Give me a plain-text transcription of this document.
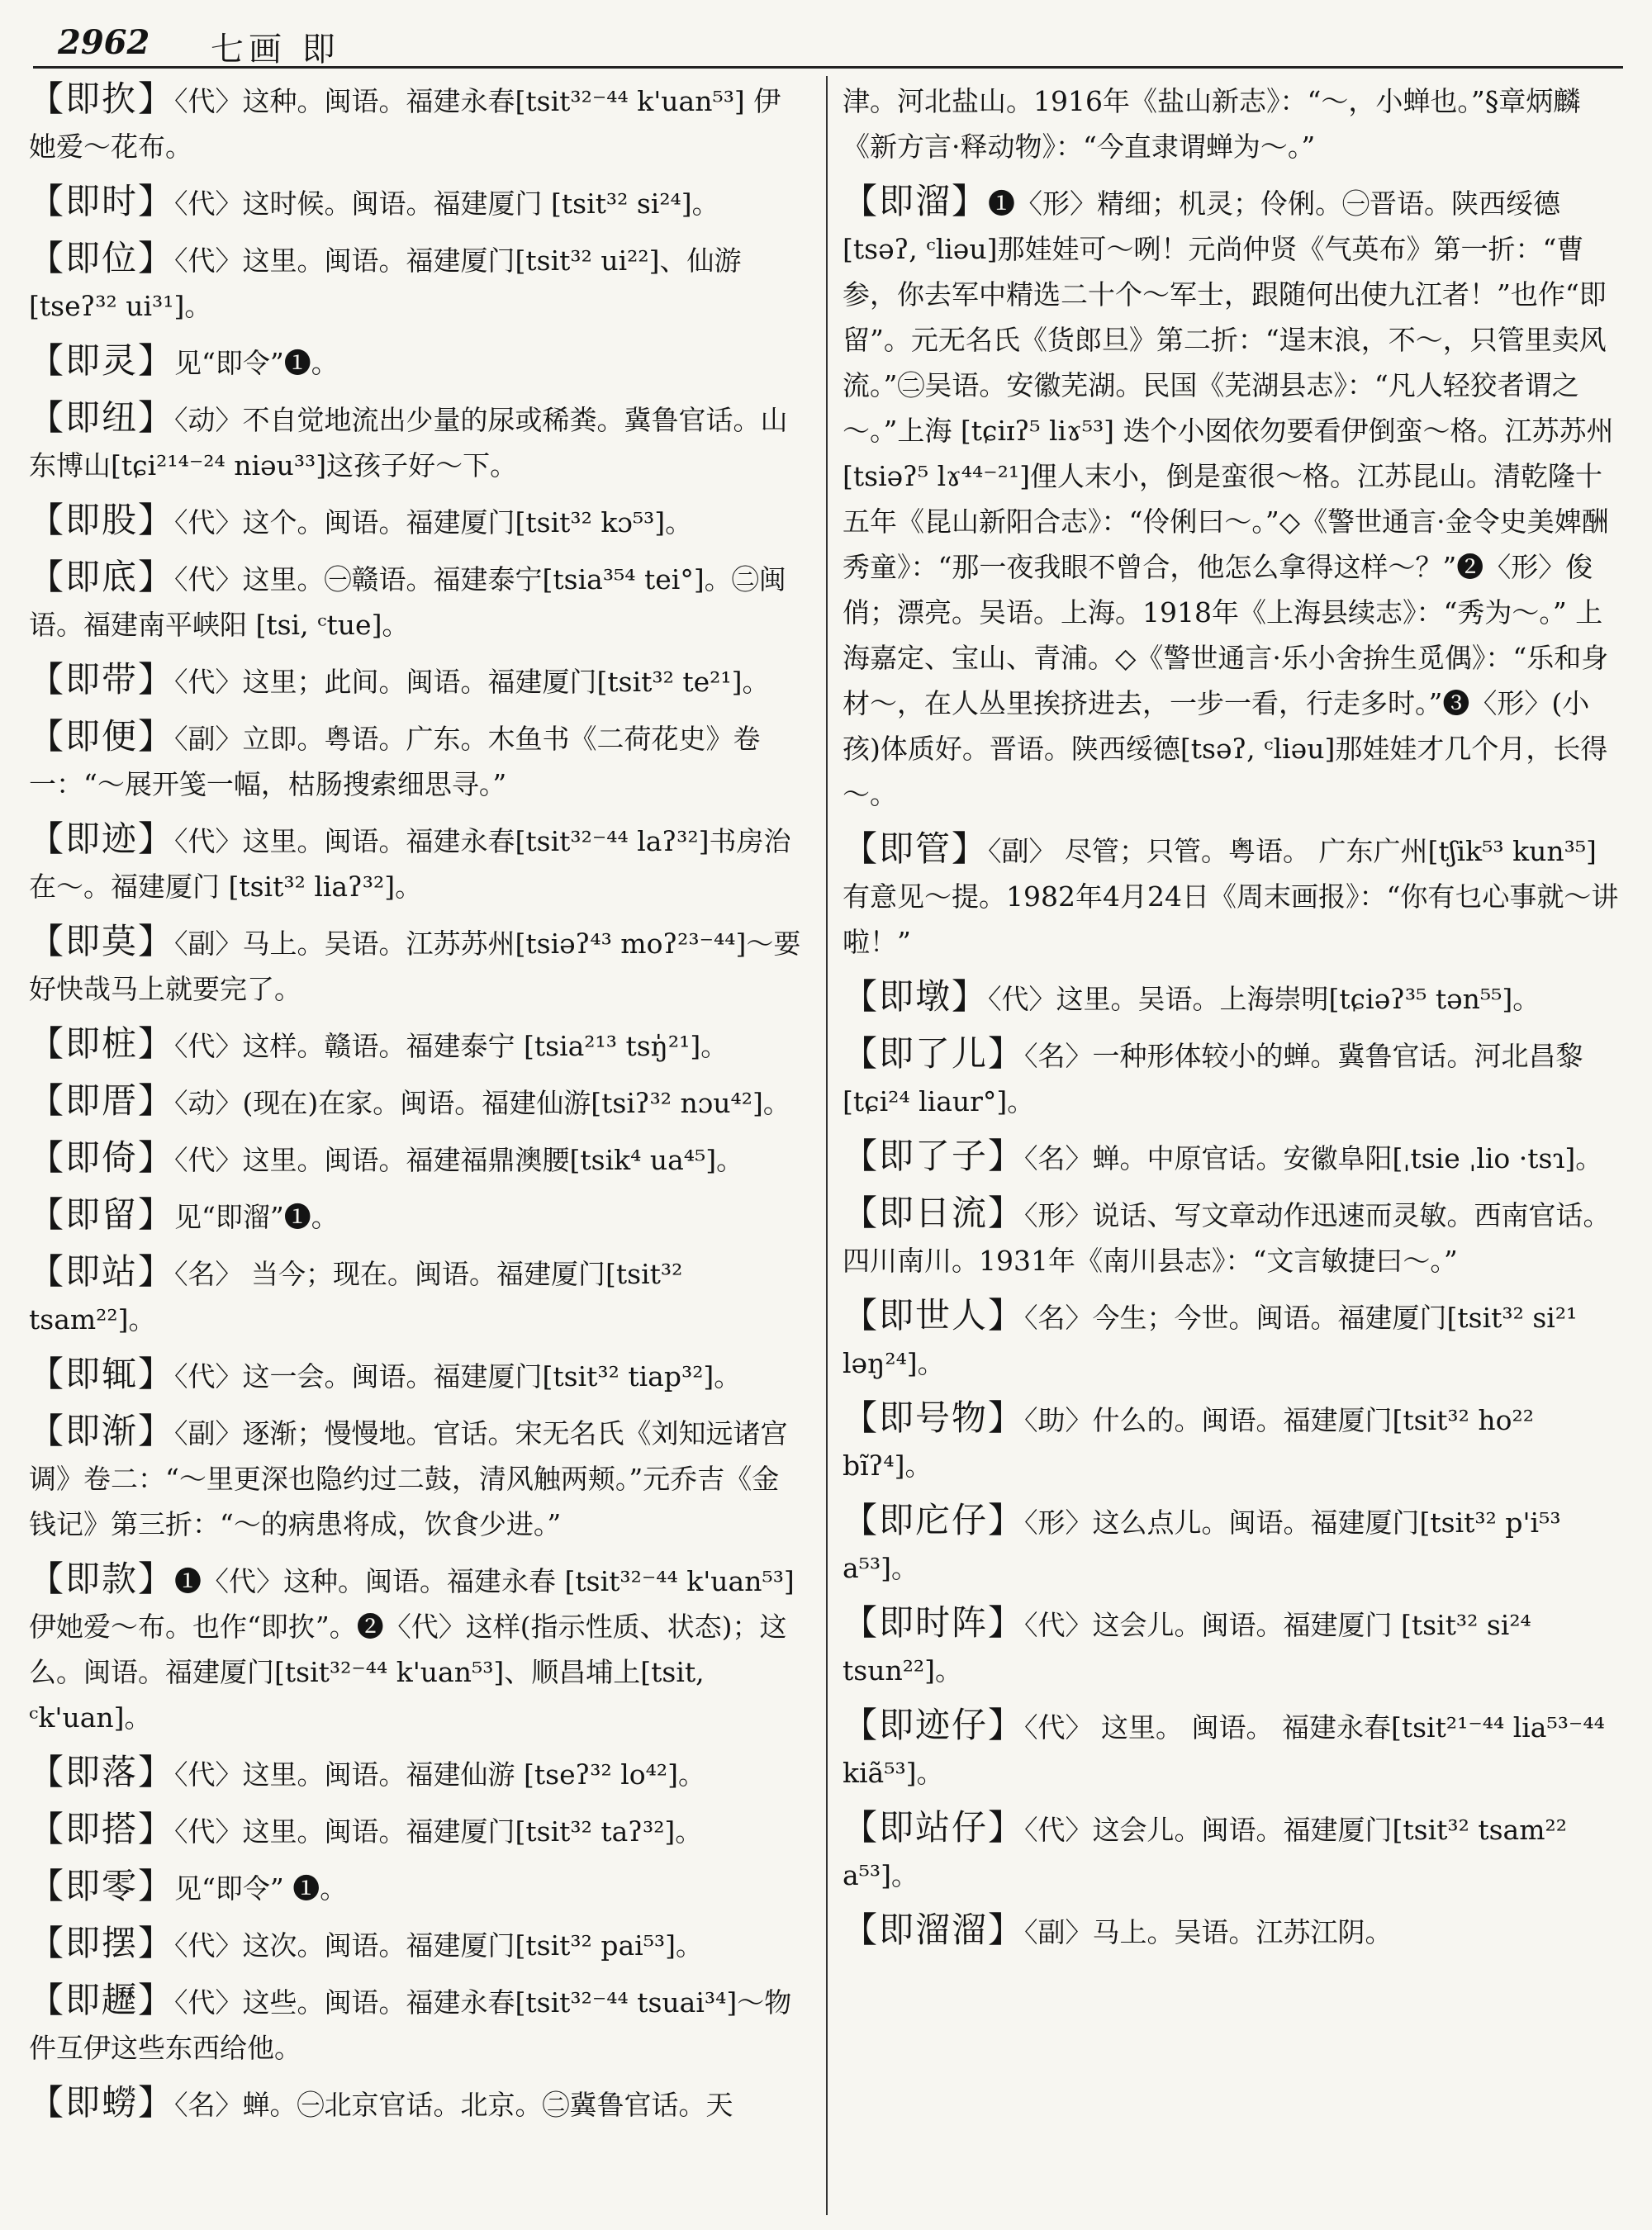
2962 七画 即

【即扻】〈代〉这种。闽语。福建永春[tsit³²⁻⁴⁴ k'uan⁵³] 伊她爱～花布。

【即时】〈代〉这时候。闽语。福建厦门 [tsit³² si²⁴]。

【即位】〈代〉这里。闽语。福建厦门[tsit³² ui²²]、仙游[tseʔ³² ui³¹]。

【即灵】见“即令”❶。

【即纽】〈动〉不自觉地流出少量的尿或稀粪。冀鲁官话。山东博山[tɕi²¹⁴⁻²⁴ niəu³³]这孩子好～下。

【即股】〈代〉这个。闽语。福建厦门[tsit³² kɔ⁵³]。

【即底】〈代〉这里。㊀赣语。福建泰宁[tsia³⁵⁴ tei°]。㊁闽语。福建南平峡阳 [tsi, ᶜtue]。

【即带】〈代〉这里；此间。闽语。福建厦门[tsit³² te²¹]。

【即便】〈副〉立即。粤语。广东。木鱼书《二荷花史》卷一：“～展开笺一幅，枯肠搜索细思寻。”

【即迹】〈代〉这里。闽语。福建永春[tsit³²⁻⁴⁴ laʔ³²]书房治在～。福建厦门 [tsit³² liaʔ³²]。

【即莫】〈副〉马上。吴语。江苏苏州[tsiəʔ⁴³ moʔ²³⁻⁴⁴]～要好快哉马上就要完了。

【即桩】〈代〉这样。赣语。福建泰宁 [tsia²¹³ tsŋ̍²¹]。

【即厝】〈动〉(现在)在家。闽语。福建仙游[tsiʔ³² nɔu⁴²]。

【即倚】〈代〉这里。闽语。福建福鼎澳腰[tsik⁴ ua⁴⁵]。

【即留】见“即溜”❶。

【即站】〈名〉 当今；现在。闽语。福建厦门[tsit³² tsam²²]。

【即辄】〈代〉这一会。闽语。福建厦门[tsit³² tiap³²]。

【即渐】〈副〉逐渐；慢慢地。官话。宋无名氏《刘知远诸宫调》卷二：“～里更深也隐约过二鼓，清风触两颊。”元乔吉《金钱记》第三折：“～的病患将成，饮食少进。”

【即款】❶〈代〉这种。闽语。福建永春 [tsit³²⁻⁴⁴ k'uan⁵³]伊她爱～布。也作“即扻”。❷〈代〉这样(指示性质、状态)；这么。闽语。福建厦门[tsit³²⁻⁴⁴ k'uan⁵³]、顺昌埔上[tsit, ᶜk'uan]。

【即落】〈代〉这里。闽语。福建仙游 [tseʔ³² lo⁴²]。

【即搭】〈代〉这里。闽语。福建厦门[tsit³² taʔ³²]。

【即零】见“即令” ❶。

【即摆】〈代〉这次。闽语。福建厦门[tsit³² pai⁵³]。

【即䟐】〈代〉这些。闽语。福建永春[tsit³²⁻⁴⁴ tsuai³⁴]～物件互伊这些东西给他。

【即蟧】〈名〉蝉。㊀北京官话。北京。㊁冀鲁官话。天

津。河北盐山。1916年《盐山新志》：“～，小蝉也。”§章炳麟《新方言·释动物》：“今直隶谓蝉为～。”

【即溜】❶〈形〉精细；机灵；伶俐。㊀晋语。陕西绥德[tsəʔ, ᶜliəu]那娃娃可～咧！元尚仲贤《气英布》第一折：“曹参，你去军中精选二十个～军士，跟随何出使九江者！”也作“即留”。元无名氏《货郎旦》第二折：“逞末浪，不～，只管里卖风流。”㊁吴语。安徽芜湖。民国《芜湖县志》：“凡人轻狡者谓之～。”上海 [tɕiɪʔ⁵ liɤ⁵³] 迭个小囡依勿要看伊倒蛮～格。江苏苏州[tsiəʔ⁵ lɤ⁴⁴⁻²¹]俚人末小，倒是蛮很～格。江苏昆山。清乾隆十五年《昆山新阳合志》：“伶俐曰～。”◇《警世通言·金令史美婢酬秀童》：“那一夜我眼不曾合，他怎么拿得这样～？”❷〈形〉俊俏；漂亮。吴语。上海。1918年《上海县续志》：“秀为～。” 上海嘉定、宝山、青浦。◇《警世通言·乐小舍拚生觅偶》：“乐和身材～，在人丛里挨挤进去，一步一看，行走多时。”❸〈形〉(小孩)体质好。晋语。陕西绥德[tsəʔ, ᶜliəu]那娃娃才几个月，长得～。

【即管】〈副〉 尽管；只管。粤语。 广东广州[tʃik⁵³ kun³⁵] 有意见～提。1982年4月24日《周末画报》：“你有乜心事就～讲啦！”

【即墩】〈代〉这里。吴语。上海崇明[tɕiəʔ³⁵ tən⁵⁵]。

【即了儿】〈名〉一种形体较小的蝉。冀鲁官话。河北昌黎[tɕi²⁴ liaur°]。

【即了子】〈名〉蝉。中原官话。安徽阜阳[ˌtsie ˌlio ·tsɿ]。

【即日流】〈形〉说话、写文章动作迅速而灵敏。西南官话。四川南川。1931年《南川县志》：“文言敏捷曰～。”

【即世人】〈名〉今生；今世。闽语。福建厦门[tsit³² si²¹ ləŋ²⁴]。

【即号物】〈助〉什么的。闽语。福建厦门[tsit³² ho²² bĩʔ⁴]。

【即庀仔】〈形〉这么点儿。闽语。福建厦门[tsit³² p'i⁵³ a⁵³]。

【即时阵】〈代〉这会儿。闽语。福建厦门 [tsit³² si²⁴ tsun²²]。

【即迹仔】〈代〉 这里。 闽语。 福建永春[tsit²¹⁻⁴⁴ lia⁵³⁻⁴⁴ kiã⁵³]。

【即站仔】〈代〉这会儿。闽语。福建厦门[tsit³² tsam²² a⁵³]。

【即溜溜】〈副〉马上。吴语。江苏江阴。
